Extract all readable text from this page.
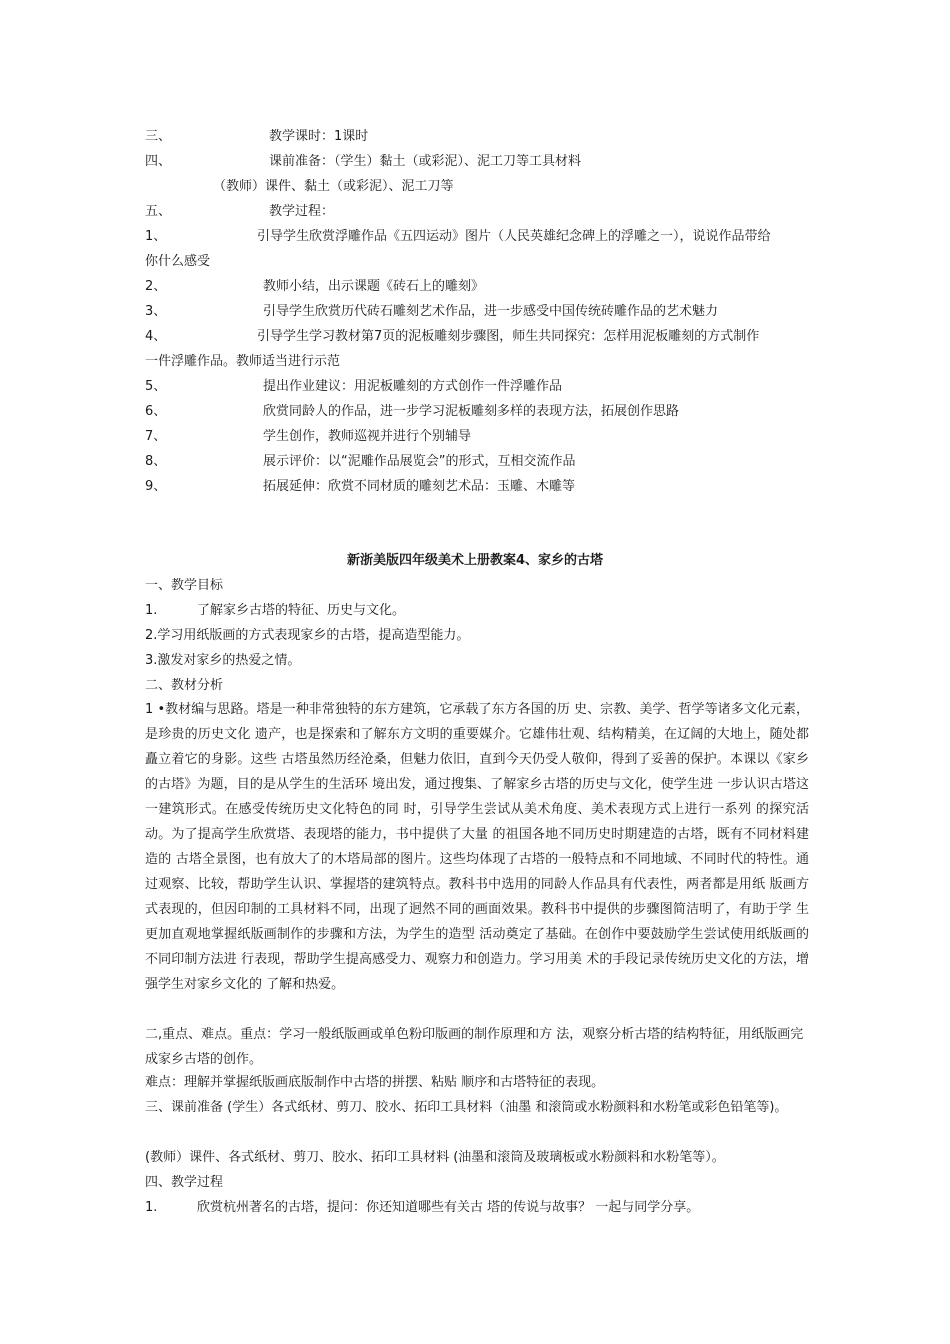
三、	教学课时：1课时
四、	课前准备：（学生）黏土（或彩泥）、泥工刀等工具材料
（教师）课件、黏土（或彩泥）、泥工刀等
五、	教学过程：
1、	引导学生欣赏浮雕作品《五四运动》图片（人民英雄纪念碑上的浮雕之一），说说作品带给
你什么感受
2、	教师小结，出示课题《砖石上的雕刻》
3、	引导学生欣赏历代砖石雕刻艺术作品，进一步感受中国传统砖雕作品的艺术魅力
4、	引导学生学习教材第7页的泥板雕刻步骤图，师生共同探究：怎样用泥板雕刻的方式制作
一件浮雕作品。教师适当进行示范
5、	提出作业建议：用泥板雕刻的方式创作一件浮雕作品
6、	欣赏同龄人的作品，进一步学习泥板雕刻多样的表现方法，拓展创作思路
7、	学生创作，教师巡视并进行个别辅导
8、	展示评价：以“泥雕作品展览会”的形式，互相交流作品
9、	拓展延伸：欣赏不同材质的雕刻艺术品：玉雕、木雕等
新浙美版四年级美术上册教案4、家乡的古塔
一、教学目标
1.	了解家乡古塔的特征、历史与文化。
2.学习用纸版画的方式表现家乡的古塔，提高造型能力。
3.激发对家乡的热爱之情。
二、教材分析
1 •教材编与思路。塔是一种非常独特的东方建筑，它承载了东方各国的历 史、宗教、美学、哲学等诸多文化元素，是珍贵的历史文化 遗产，也是探索和了解东方文明的重要媒介。它雄伟壮观、结构精美，在辽阔的大地上，随处都矗立着它的身影。这些 古塔虽然历经沧桑，但魅力依旧，直到今天仍受人敬仰，得到了妥善的保护。本课以《家乡的古塔》为题，目的是从学生的生活环 境出发，通过搜集、了解家乡古塔的历史与文化，使学生进 一步认识古塔这一建筑形式。在感受传统历史文化特色的同 时，引导学生尝试从美术角度、美术表现方式上进行一系列 的探究活动。为了提高学生欣赏塔、表现塔的能力，书中提供了大量 的祖国各地不同历史时期建造的古塔，既有不同材料建造的 古塔全景图，也有放大了的木塔局部的图片。这些均体现了古塔的一般特点和不同地域、不同时代的特性。通过观察、比较，帮助学生认识、掌握塔的建筑特点。教科书中选用的同龄人作品具有代表性，两者都是用纸 版画方式表现的，但因印制的工具材料不同，出现了迥然不同的画面效果。教科书中提供的步骤图简洁明了，有助于学 生更加直观地掌握纸版画制作的步骤和方法，为学生的造型 活动奠定了基础。在创作中要鼓励学生尝试使用纸版画的不同印制方法进 行表现，帮助学生提高感受力、观察力和创造力。学习用美 术的手段记录传统历史文化的方法，增强学生对家乡文化的 了解和热爱。
二,重点、难点。重点：学习一般纸版画或单色粉印版画的制作原理和方 法，观察分析古塔的结构特征，用纸版画完成家乡古塔的创作。
难点：理解并掌握纸版画底版制作中古塔的拼摆、粘贴 顺序和古塔特征的表现。
三、课前准备 (学生）各式纸材、剪刀、胶水、拓印工具材料（油墨 和滚筒或水粉颜料和水粉笔或彩色铅笔等)。
(教师）课件、各式纸材、剪刀、胶水、拓印工具材料 (油墨和滚筒及玻璃板或水粉颜料和水粉笔等）。
四、教学过程
1.	欣赏杭州著名的古塔，提问：你还知道哪些有关古 塔的传说与故事？ 一起与同学分享。
